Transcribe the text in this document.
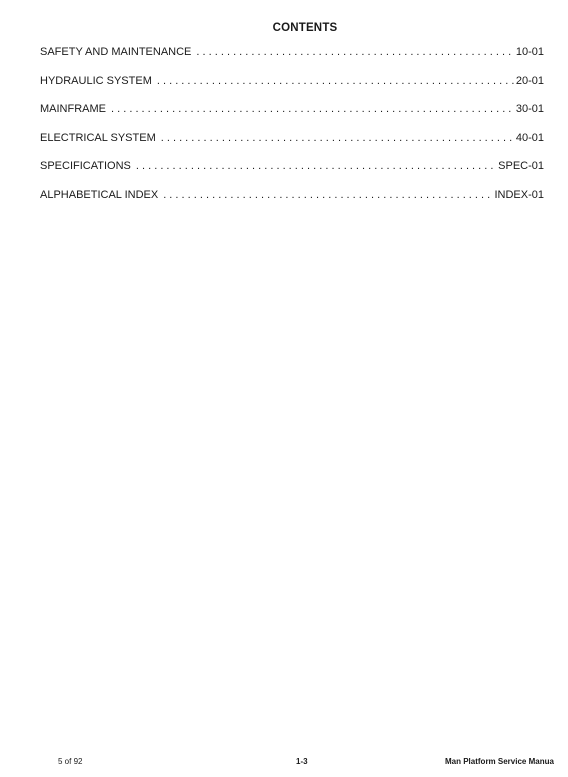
CONTENTS
SAFETY AND MAINTENANCE . . .	10-01
HYDRAULIC SYSTEM . . .	20-01
MAINFRAME . . .	30-01
ELECTRICAL SYSTEM . . .	40-01
SPECIFICATIONS . . .	SPEC-01
ALPHABETICAL INDEX . . .	INDEX-01
5 of 92	1-3	Man Platform Service Manua
